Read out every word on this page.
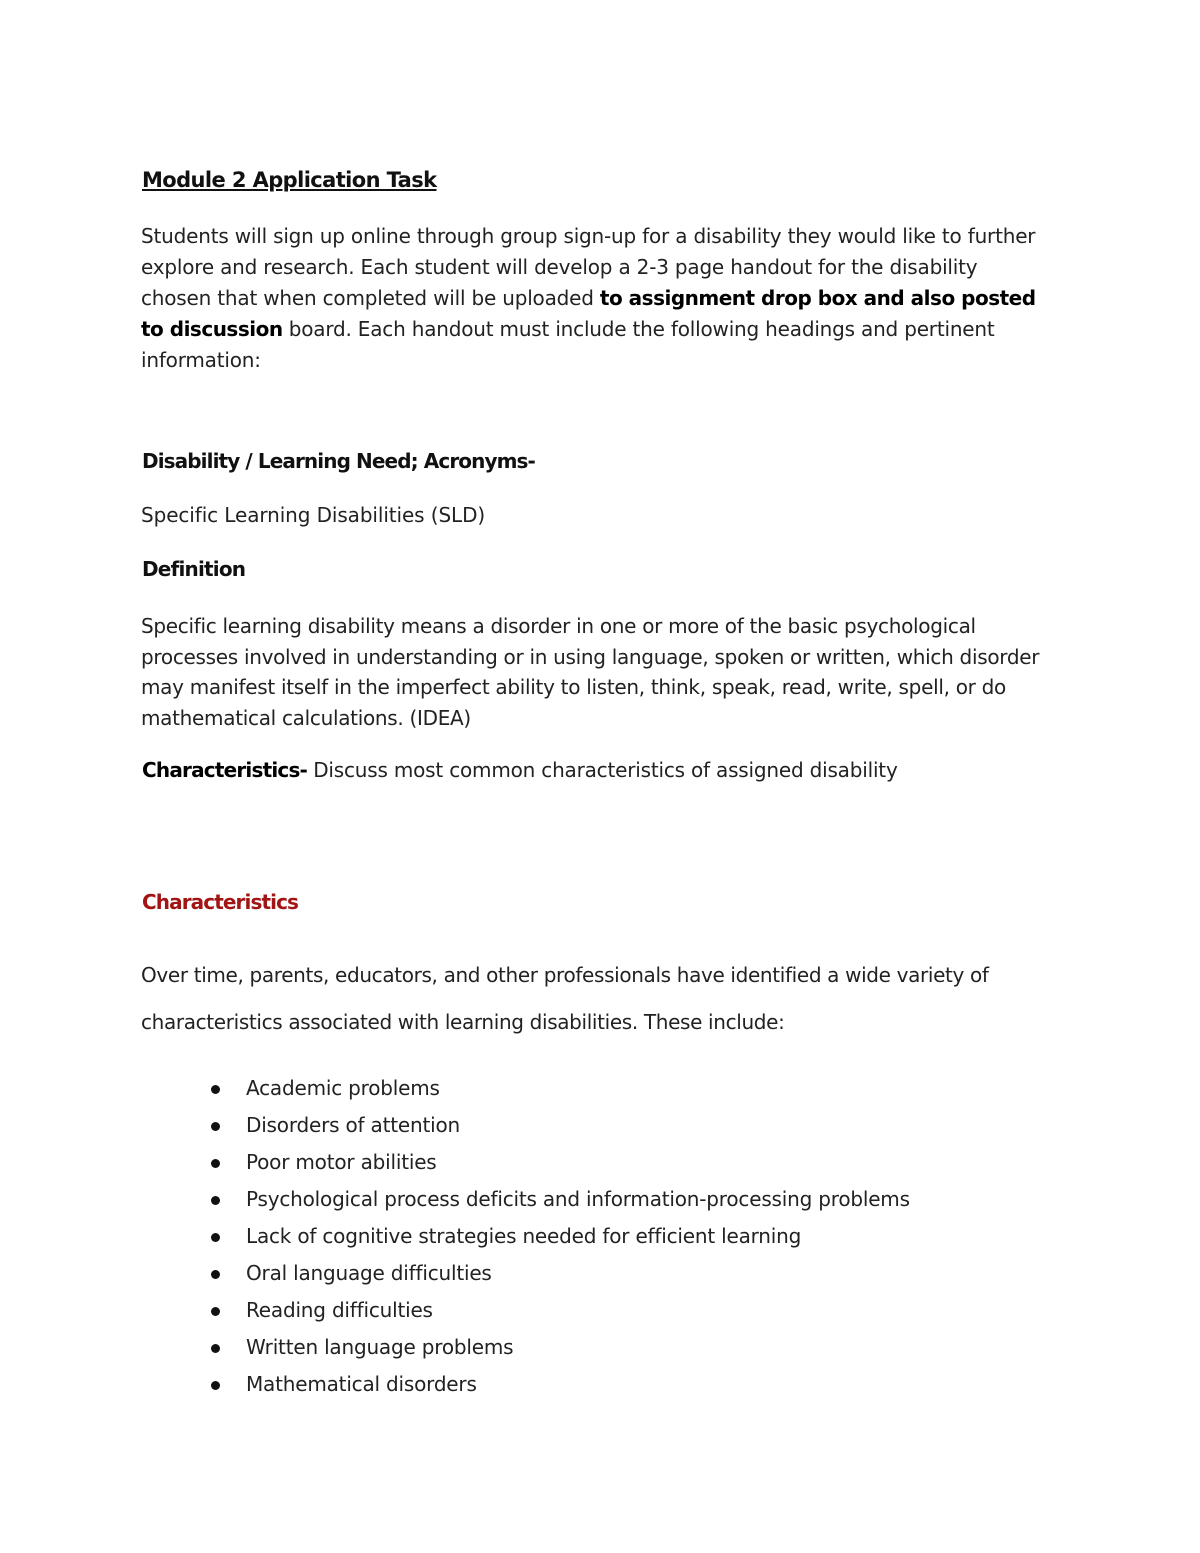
Module 2 Application Task
Students will sign up online through group sign-up for a disability they would like to further explore and research. Each student will develop a 2-3 page handout for the disability chosen that when completed will be uploaded to assignment drop box and also posted to discussion board. Each handout must include the following headings and pertinent information:
Disability / Learning Need; Acronyms-
Specific Learning Disabilities (SLD)
Definition
Specific learning disability means a disorder in one or more of the basic psychological processes involved in understanding or in using language, spoken or written, which disorder may manifest itself in the imperfect ability to listen, think, speak, read, write, spell, or do mathematical calculations. (IDEA)
Characteristics- Discuss most common characteristics of assigned disability
Characteristics
Over time, parents, educators, and other professionals have identified a wide variety of characteristics associated with learning disabilities. These include:
Academic problems
Disorders of attention
Poor motor abilities
Psychological process deficits and information-processing problems
Lack of cognitive strategies needed for efficient learning
Oral language difficulties
Reading difficulties
Written language problems
Mathematical disorders
